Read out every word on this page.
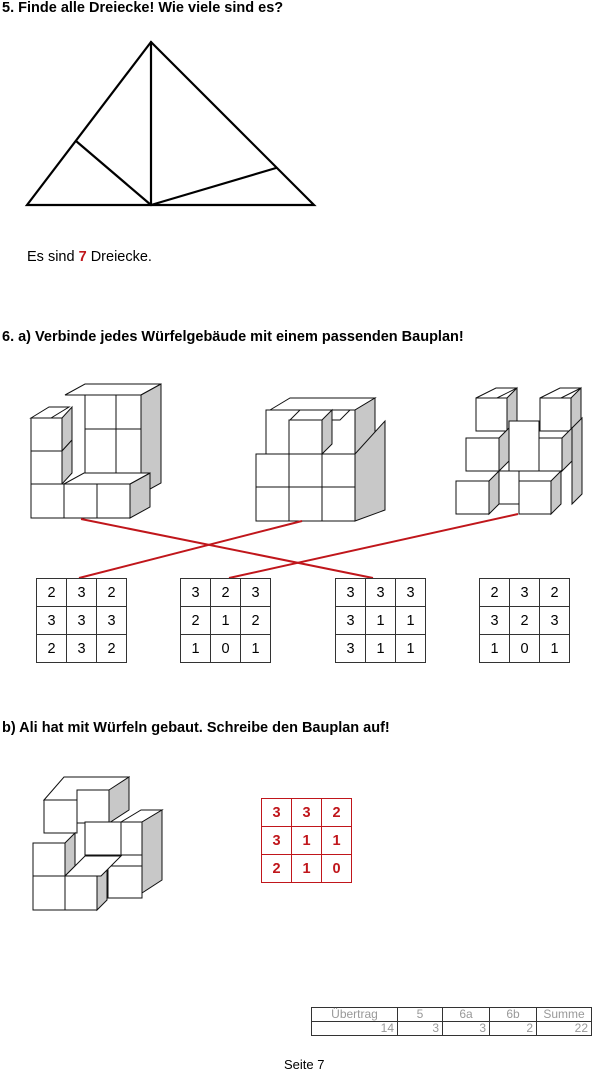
5. Finde alle Dreiecke! Wie viele sind es?
Es sind 7 Dreiecke.
6. a) Verbinde jedes Würfelgebäude mit einem passenden Bauplan!
2	3	2
3	3	3
2	3	2
3	2	3
2	1	2
1	0	1
3	3	3
3	1	1
3	1	1
2	3	2
3	2	3
1	0	1
b) Ali hat mit Würfeln gebaut. Schreibe den Bauplan auf!
3	3	2
3	1	1
2	1	0
Übertrag	5	6a	6b	Summe
14	3	3	2	22
Seite 7
